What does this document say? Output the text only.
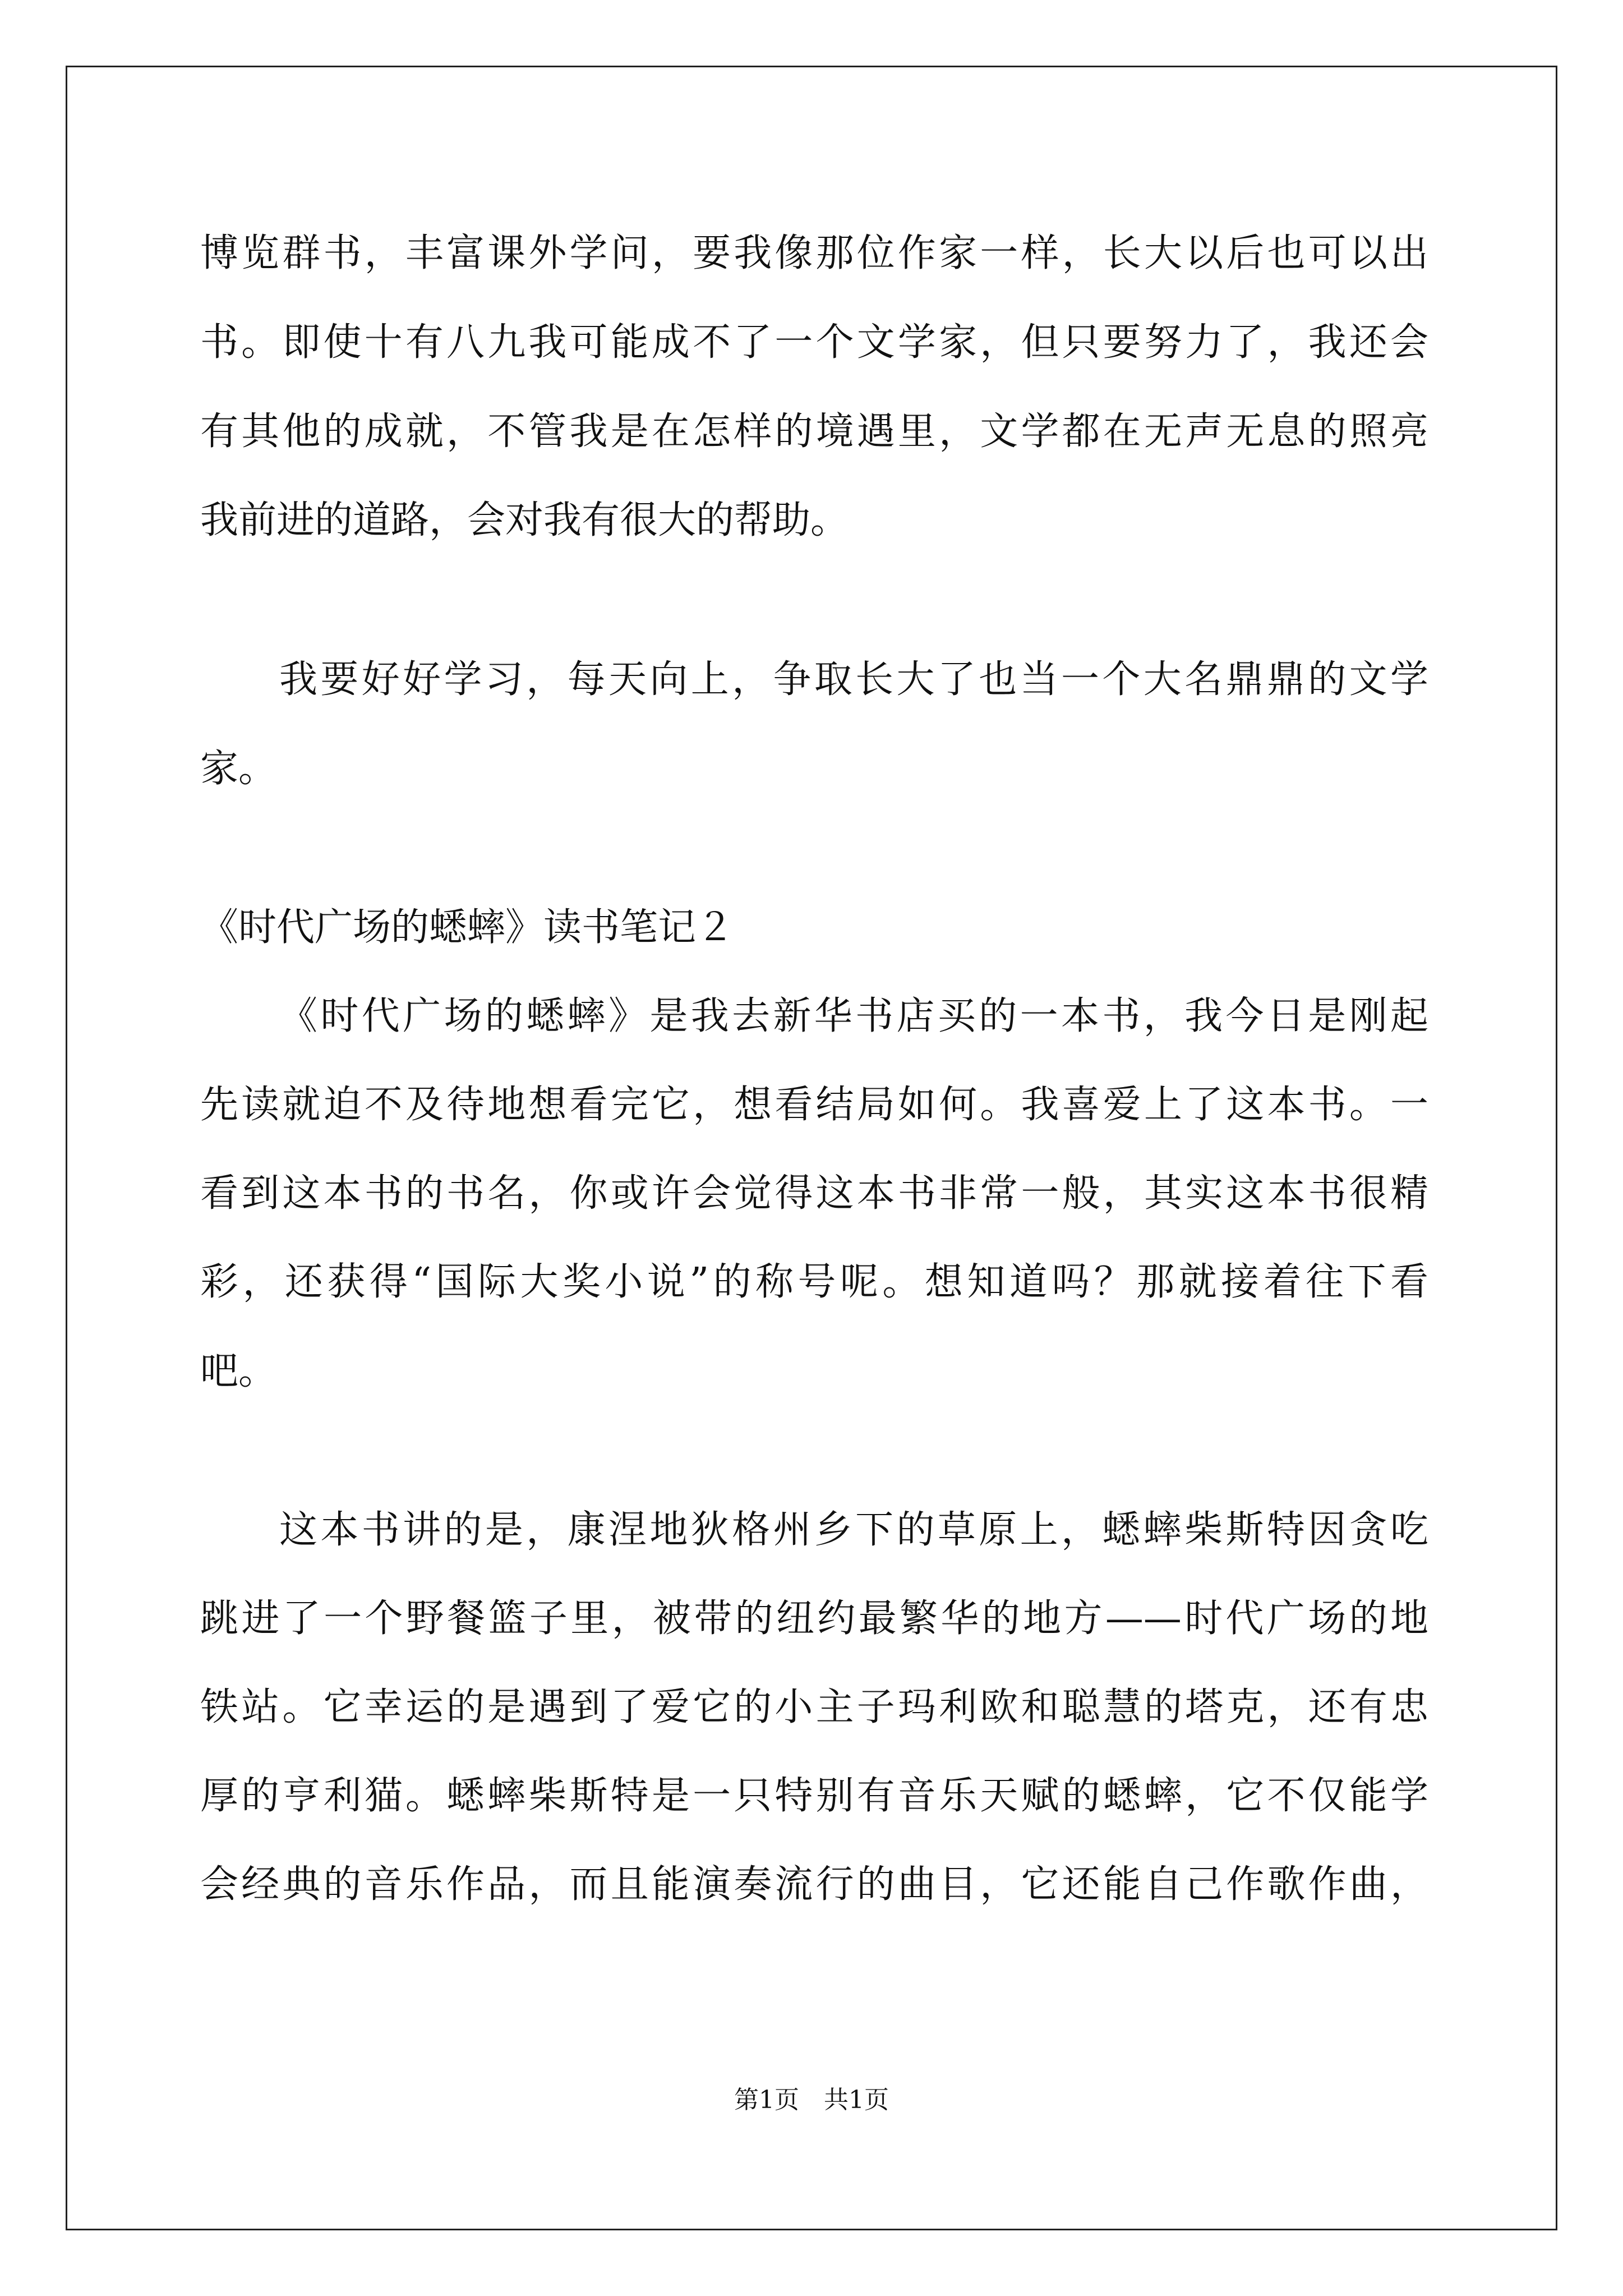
博览群书，丰富课外学问，要我像那位作家一样，长大以后也可以出
书。即使十有八九我可能成不了一个文学家，但只要努力了，我还会
有其他的成就，不管我是在怎样的境遇里，文学都在无声无息的照亮
我前进的道路，会对我有很大的帮助。
我要好好学习，每天向上，争取长大了也当一个大名鼎鼎的文学
家。
《时代广场的蟋蟀》读书笔记２
《时代广场的蟋蟀》是我去新华书店买的一本书，我今日是刚起
先读就迫不及待地想看完它，想看结局如何。我喜爱上了这本书。一
看到这本书的书名，你或许会觉得这本书非常一般，其实这本书很精
彩，还获得“国际大奖小说”的称号呢。想知道吗？那就接着往下看
吧。
这本书讲的是，康涅地狄格州乡下的草原上，蟋蟀柴斯特因贪吃
跳进了一个野餐篮子里，被带的纽约最繁华的地方——时代广场的地
铁站。它幸运的是遇到了爱它的小主子玛利欧和聪慧的塔克，还有忠
厚的亨利猫。蟋蟀柴斯特是一只特别有音乐天赋的蟋蟀，它不仅能学
会经典的音乐作品，而且能演奏流行的曲目，它还能自己作歌作曲，
第1页 共1页
